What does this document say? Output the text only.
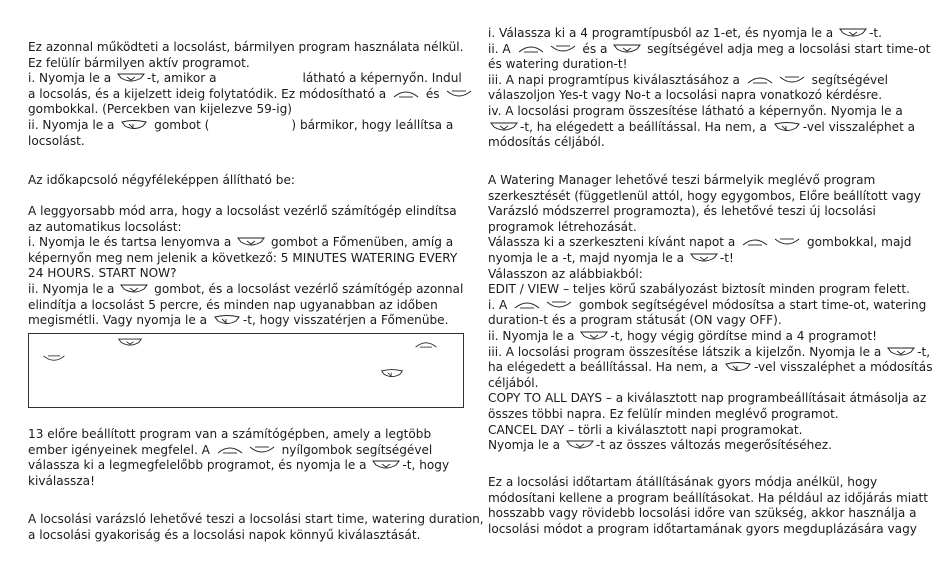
Ez azonnal működteti a locsolást, bármilyen program használata nélkül.
Ez felülír bármilyen aktív programot.
i. Nyomja le a	-t, amikor a	látható a képernyőn. Indul
a locsolás, és a kijelzett ideig folytatódik. Ez módosítható a	és
gombokkal. (Percekben van kijelezve 59-ig)
ii. Nyomja le a	gombot (	) bármikor, hogy leállítsa a
locsolást.
Az időkapcsoló négyféleképpen állítható be:
A leggyorsabb mód arra, hogy a locsolást vezérlő számítógép elindítsa
az automatikus locsolást:
i. Nyomja le és tartsa lenyomva a	gombot a Főmenüben, amíg a
képernyőn meg nem jelenik a következő: 5 MINUTES WATERING EVERY
24 HOURS. START NOW?
ii. Nyomja le a	gombot, és a locsolást vezérlő számítógép azonnal
elindítja a locsolást 5 percre, és minden nap ugyanabban az időben
megismétli. Vagy nyomja le a	-t, hogy visszatérjen a Főmenübe.
13 előre beállított program van a számítógépben, amely a legtöbb
ember igényeinek megfelel. A	nyílgombok segítségével
válassza ki a legmegfelelőbb programot, és nyomja le a	-t, hogy
kiválassza!
A locsolási varázsló lehetővé teszi a locsolási start time, watering duration,
a locsolási gyakoriság és a locsolási napok könnyű kiválasztását.
i. Válassza ki a 4 programtípusból az 1-et, és nyomja le a	-t.
ii. A	és a	segítségével adja meg a locsolási start time-ot
és watering duration-t!
iii. A napi programtípus kiválasztásához a	segítségével
válaszoljon Yes-t vagy No-t a locsolási napra vonatkozó kérdésre.
iv. A locsolási program összesítése látható a képernyőn. Nyomja le a
-t, ha elégedett a beállítással. Ha nem, a	-vel visszaléphet a
módosítás céljából.
A Watering Manager lehetővé teszi bármelyik meglévő program
szerkesztését (függetlenül attól, hogy egygombos, Előre beállított vagy
Varázsló módszerrel programozta), és lehetővé teszi új locsolási
programok létrehozását.
Válassza ki a szerkeszteni kívánt napot a	gombokkal, majd
nyomja le a -t, majd nyomja le a	-t!
Válasszon az alábbiakból:
EDIT / VIEW – teljes körű szabályozást biztosít minden program felett.
i. A	gombok segítségével módosítsa a start time-ot, watering
duration-t és a program státusát (ON vagy OFF).
ii. Nyomja le a	-t, hogy végig gördítse mind a 4 programot!
iii. A locsolási program összesítése látszik a kijelzőn. Nyomja le a	-t,
ha elégedett a beállítással. Ha nem, a	-vel visszaléphet a módosítás
céljából.
COPY TO ALL DAYS – a kiválasztott nap programbeállításait átmásolja az
összes többi napra. Ez felülír minden meglévő programot.
CANCEL DAY – törli a kiválasztott napi programokat.
Nyomja le a	-t az összes változás megerősítéséhez.
Ez a locsolási időtartam átállításának gyors módja anélkül, hogy
módosítani kellene a program beállításokat. Ha például az időjárás miatt
hosszabb vagy rövidebb locsolási időre van szükség, akkor használja a
locsolási módot a program időtartamának gyors megduplázására vagy
